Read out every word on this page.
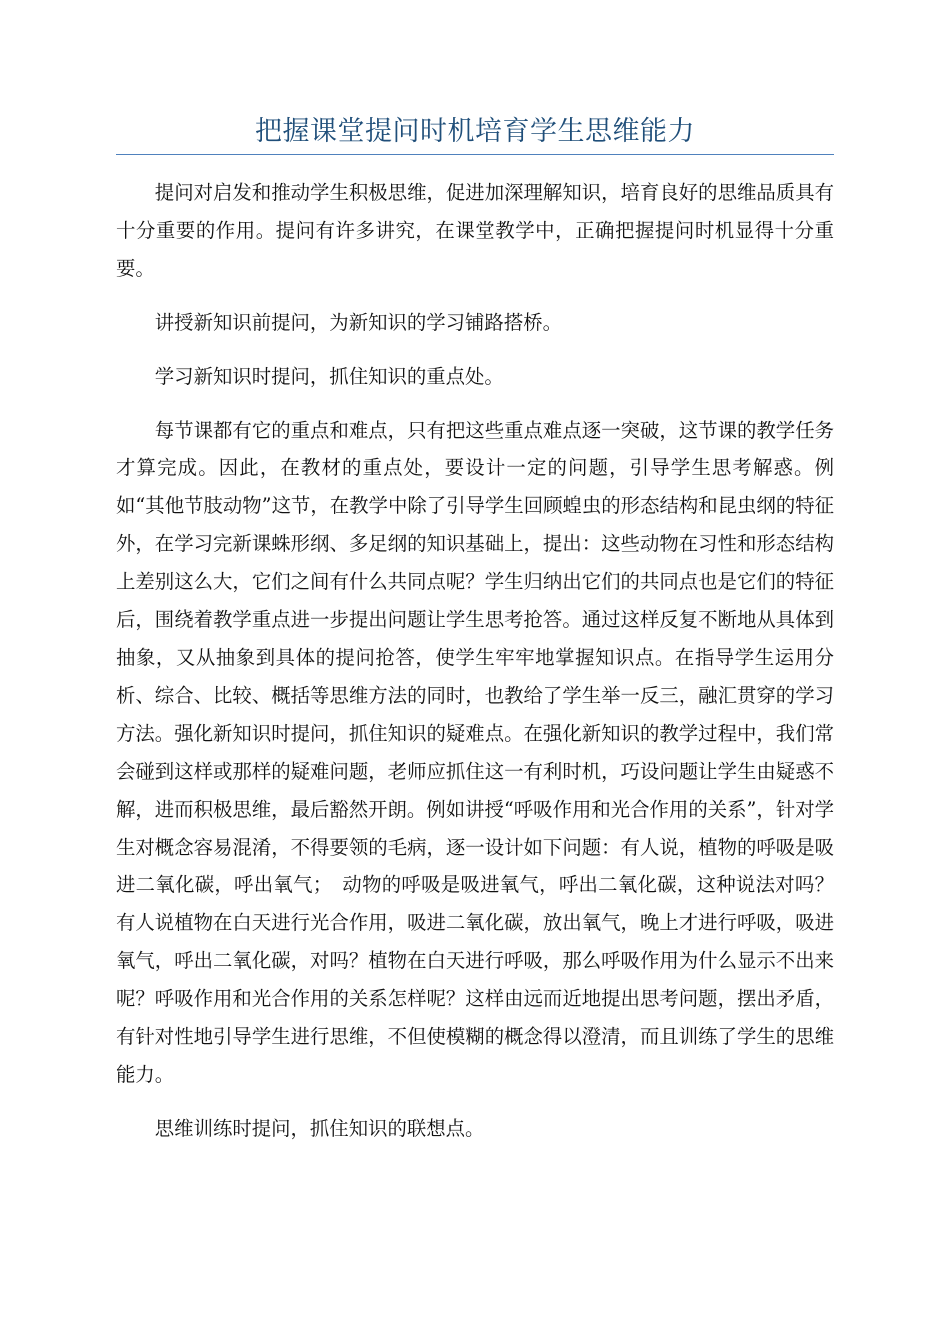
把握课堂提问时机培育学生思维能力

提问对启发和推动学生积极思维，促进加深理解知识，培育良好的思维品质具有十分重要的作用。提问有许多讲究，在课堂教学中，正确把握提问时机显得十分重要。

讲授新知识前提问，为新知识的学习铺路搭桥。

学习新知识时提问，抓住知识的重点处。

每节课都有它的重点和难点，只有把这些重点难点逐一突破，这节课的教学任务才算完成。因此，在教材的重点处，要设计一定的问题，引导学生思考解惑。例如“其他节肢动物”这节，在教学中除了引导学生回顾蝗虫的形态结构和昆虫纲的特征外，在学习完新课蛛形纲、多足纲的知识基础上，提出：这些动物在习性和形态结构上差别这么大，它们之间有什么共同点呢？学生归纳出它们的共同点也是它们的特征后，围绕着教学重点进一步提出问题让学生思考抢答。通过这样反复不断地从具体到抽象，又从抽象到具体的提问抢答，使学生牢牢地掌握知识点。在指导学生运用分析、综合、比较、概括等思维方法的同时，也教给了学生举一反三，融汇贯穿的学习方法。强化新知识时提问，抓住知识的疑难点。在强化新知识的教学过程中，我们常会碰到这样或那样的疑难问题，老师应抓住这一有利时机，巧设问题让学生由疑惑不解，进而积极思维，最后豁然开朗。例如讲授“呼吸作用和光合作用的关系”，针对学生对概念容易混淆，不得要领的毛病，逐一设计如下问题：有人说，植物的呼吸是吸进二氧化碳，呼出氧气；　动物的呼吸是吸进氧气，呼出二氧化碳，这种说法对吗？有人说植物在白天进行光合作用，吸进二氧化碳，放出氧气，晚上才进行呼吸，吸进氧气，呼出二氧化碳，对吗？植物在白天进行呼吸，那么呼吸作用为什么显示不出来呢？呼吸作用和光合作用的关系怎样呢？这样由远而近地提出思考问题，摆出矛盾，有针对性地引导学生进行思维，不但使模糊的概念得以澄清，而且训练了学生的思维能力。

思维训练时提问，抓住知识的联想点。
